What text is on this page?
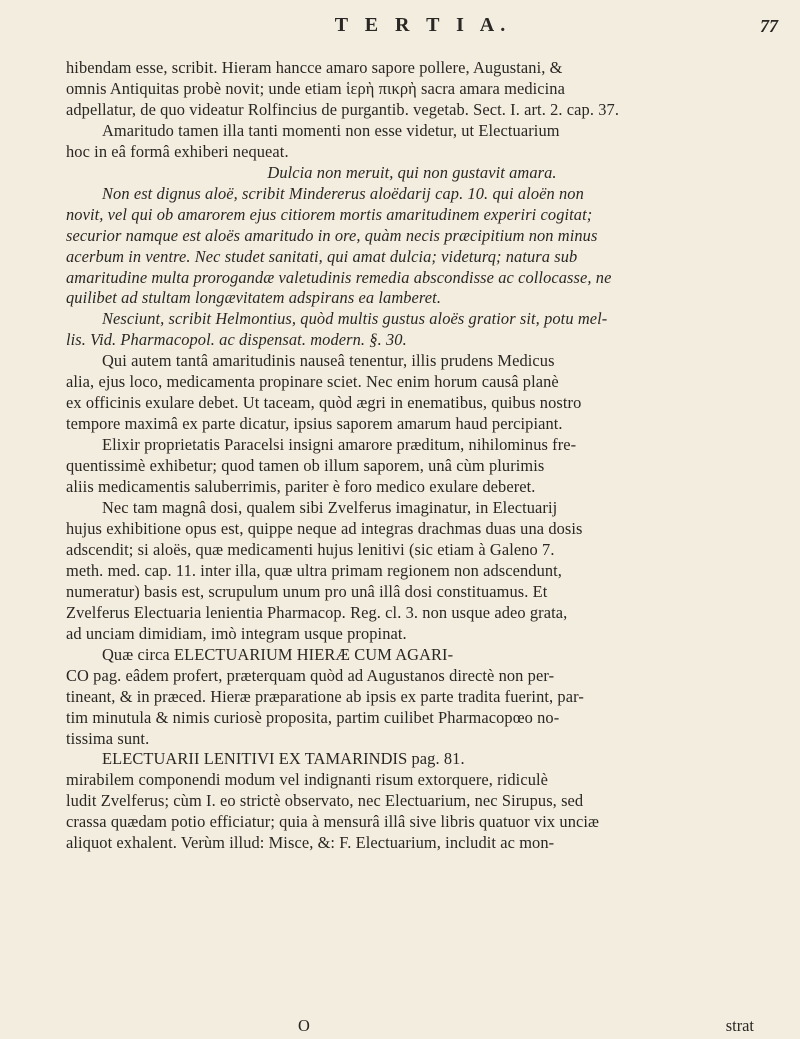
T E R T I A.	77

hibendam esse, scribit. Hieram hancce amaro sapore pollere, Augustani, &

omnis Antiquitas probè novit; unde etiam ἱερὴ πικρὴ sacra amara medicina

adpellatur, de quo videatur Rolfincius de purgantib. vegetab. Sect. I. art. 2. cap. 37.

Amaritudo tamen illa tanti momenti non esse videtur, ut Electuarium

hoc in eâ formâ exhiberi nequeat.

Dulcia non meruit, qui non gustavit amara.

Non est dignus aloë, scribit Mindererus aloëdarij cap. 10. qui aloën non

novit, vel qui ob amarorem ejus citiorem mortis amaritudinem experiri cogitat;

securior namque est aloës amaritudo in ore, quàm necis præcipitium non minus

acerbum in ventre. Nec studet sanitati, qui amat dulcia; videturq; natura sub

amaritudine multa prorogandæ valetudinis remedia abscondisse ac collocasse, ne

quilibet ad stultam longævitatem adspirans ea lamberet.

Nesciunt, scribit Helmontius, quòd multis gustus aloës gratior sit, potu mel-

lis. Vid. Pharmacopol. ac dispensat. modern. §. 30.

Qui autem tantâ amaritudinis nauseâ tenentur, illis prudens Medicus

alia, ejus loco, medicamenta propinare sciet. Nec enim horum causâ planè

ex officinis exulare debet. Ut taceam, quòd ægri in enematibus, quibus nostro

tempore maximâ ex parte dicatur, ipsius saporem amarum haud percipiant.

Elixir proprietatis Paracelsi insigni amarore præditum, nihilominus fre-

quentissimè exhibetur; quod tamen ob illum saporem, unâ cùm plurimis

aliis medicamentis saluberrimis, pariter è foro medico exulare deberet.

Nec tam magnâ dosi, qualem sibi Zvelferus imaginatur, in Electuarij

hujus exhibitione opus est, quippe neque ad integras drachmas duas una dosis

adscendit; si aloës, quæ medicamenti hujus lenitivi (sic etiam à Galeno 7.

meth. med. cap. 11. inter illa, quæ ultra primam regionem non adscendunt,

numeratur) basis est, scrupulum unum pro unâ illâ dosi constituamus. Et

Zvelferus Electuaria lenientia Pharmacop. Reg. cl. 3. non usque adeo grata,

ad unciam dimidiam, imò integram usque propinat.

Quæ circa ELECTUARIUM HIERÆ CUM AGARI-

CO pag. eâdem profert, præterquam quòd ad Augustanos directè non per-

tineant, & in præced. Hieræ præparatione ab ipsis ex parte tradita fuerint, par-

tim minutula & nimis curiosè proposita, partim cuilibet Pharmacopœo no-

tissima sunt.

ELECTUARII LENITIVI EX TAMARINDIS pag. 81.

mirabilem componendi modum vel indignanti risum extorquere, ridiculè

ludit Zvelferus; cùm I. eo strictè observato, nec Electuarium, nec Sirupus, sed

crassa quædam potio efficiatur; quia à mensurâ illâ sive libris quatuor vix unciæ

aliquot exhalent. Verùm illud: Misce, &: F. Electuarium, includit ac mon-

O	strat
